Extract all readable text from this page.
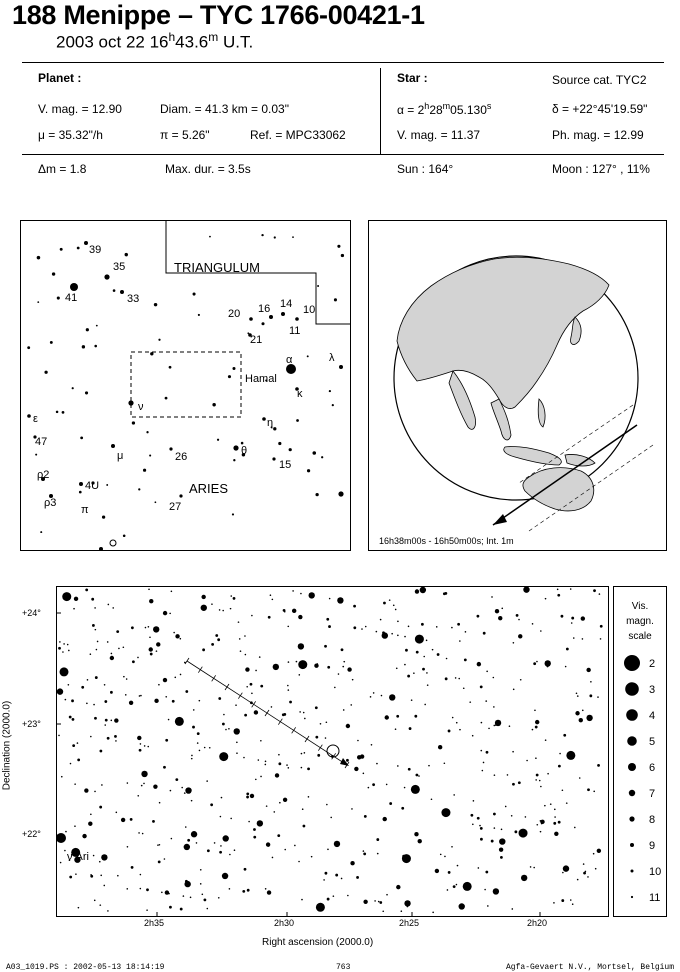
188 Menippe – TYC 1766-00421-1
2003 oct 22 16$^h$43.6$^m$ U.T.
Planet :
V. mag. = 12.90	Diam. = 41.3 km = 0.03"
μ = 35.32"/h	π = 5.26"	Ref. = MPC33062
Star :	Source cat. TYC2
$\alpha = 2^h28^m05.130^s$	δ = +22°45'19.59"
V. mag. = 11.37	Ph. mag. = 12.99
Δm = 1.8	Max. dur. = 3.5s	Sun : 164°	Moon : 127° , 11%
TRIANGULUM
ARIES
39
35
41	33
20 16 14 10
11
21
α	λ
Hamal
κ
ν
ε	η
47
μ	26	θ
15
ρ2
4U
ρ3
π	27
16h38m00s - 16h50m00s; Int. 1m
Declination (2000.0)
+24°
+23°
+22°
ν Ari
2h35	2h30	2h25	2h20
Right ascension (2000.0)
Vis.
magn.
scale
2
3
4
5
6
7
8
9
10
11
A03_1019.PS : 2002-05-13 18:14:19	763	Agfa-Gevaert N.V., Mortsel, Belgium
